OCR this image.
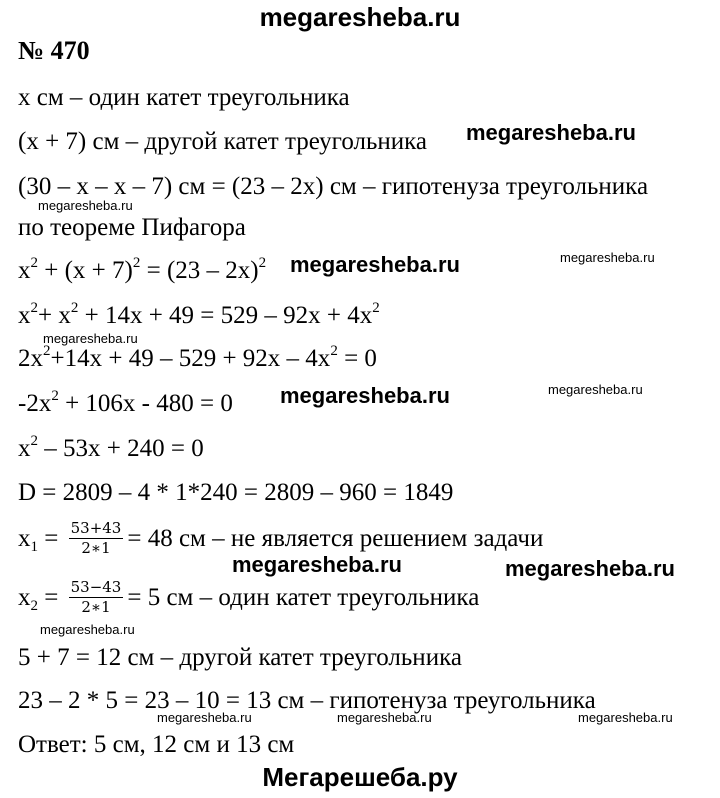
megaresheba.ru
№ 470
x см – один катет треугольника
(x + 7) см – другой катет треугольника megaresheba.ru
(30 – x – x – 7) см = (23 – 2x) см – гипотенуза треугольника
megaresheba.ru
по теореме Пифагора
$x^2 + (x + 7)^2 = (23 - 2x)^2$ megaresheba.ru	megaresheba.ru
$x^2+ x^2 + 14x + 49 = 529 - 92x + 4x^2$
megaresheba.ru
$2x^2+14x + 49 - 529 + 92x - 4x^2 = 0$
$-2x^2 + 106x - 480 = 0$ megaresheba.ru	megaresheba.ru
$x^2 - 53x + 240 = 0$
D = 2809 – 4 * 1*240 = 2809 – 960 = 1849
$x_1 = \frac{53+43}{2∗1} = 48$ см – не является решением задачи
megaresheba.ru	megaresheba.ru
$x_2 = \frac{53-43}{2∗1} = 5$ см – один катет треугольника
megaresheba.ru
5 + 7 = 12 см – другой катет треугольника
23 – 2 * 5 = 23 – 10 = 13 см – гипотенуза треугольника
megaresheba.ru	megaresheba.ru	megaresheba.ru
Ответ: 5 см, 12 см и 13 см
Мегарешеба.ру
